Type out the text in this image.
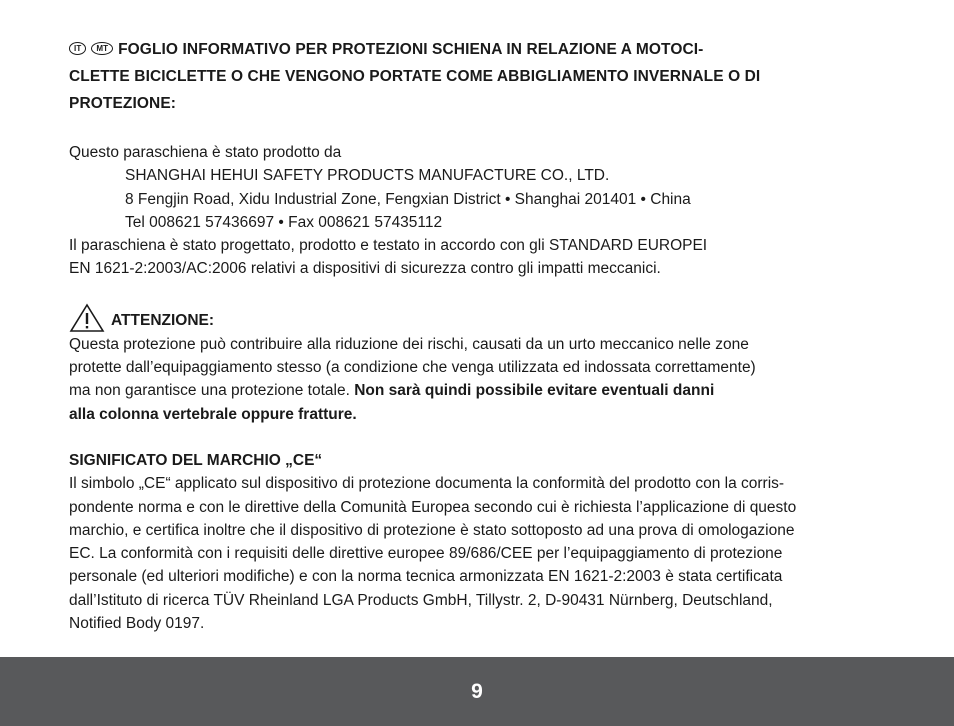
IT MT FOGLIO INFORMATIVO PER PROTEZIONI SCHIENA IN RELAZIONE A MOTOCI-
CLETTE BICICLETTE O CHE VENGONO PORTATE COME ABBIGLIAMENTO INVERNALE O DI
PROTEZIONE:

Questo paraschiena è stato prodotto da

SHANGHAI HEHUI SAFETY PRODUCTS MANUFACTURE CO., LTD.

8 Fengjin Road, Xidu Industrial Zone, Fengxian District • Shanghai 201401 • China

Tel 008621 57436697 • Fax 008621 57435112

Il paraschiena è stato progettato, prodotto e testato in accordo con gli STANDARD EUROPEI

EN 1621-2:2003/AC:2006 relativi a dispositivi di sicurezza contro gli impatti meccanici.

ATTENZIONE:

Questa protezione può contribuire alla riduzione dei rischi, causati da un urto meccanico nelle zone

protette dall’equipaggiamento stesso (a condizione che venga utilizzata ed indossata correttamente)

ma non garantisce una protezione totale. Non sarà quindi possibile evitare eventuali danni

alla colonna vertebrale oppure fratture.

SIGNIFICATO DEL MARCHIO „CE“

Il simbolo „CE“ applicato sul dispositivo di protezione documenta la conformità del prodotto con la corris-

pondente norma e con le direttive della Comunità Europea secondo cui è richiesta l’applicazione di questo

marchio, e certifica inoltre che il dispositivo di protezione è stato sottoposto ad una prova di omologazione

EC. La conformità con i requisiti delle direttive europee 89/686/CEE per l’equipaggiamento di protezione

personale (ed ulteriori modifiche) e con la norma tecnica armonizzata EN 1621-2:2003 è stata certificata

dall’Istituto di ricerca TÜV Rheinland LGA Products GmbH, Tillystr. 2, D-90431 Nürnberg, Deutschland,

Notified Body 0197.

9
